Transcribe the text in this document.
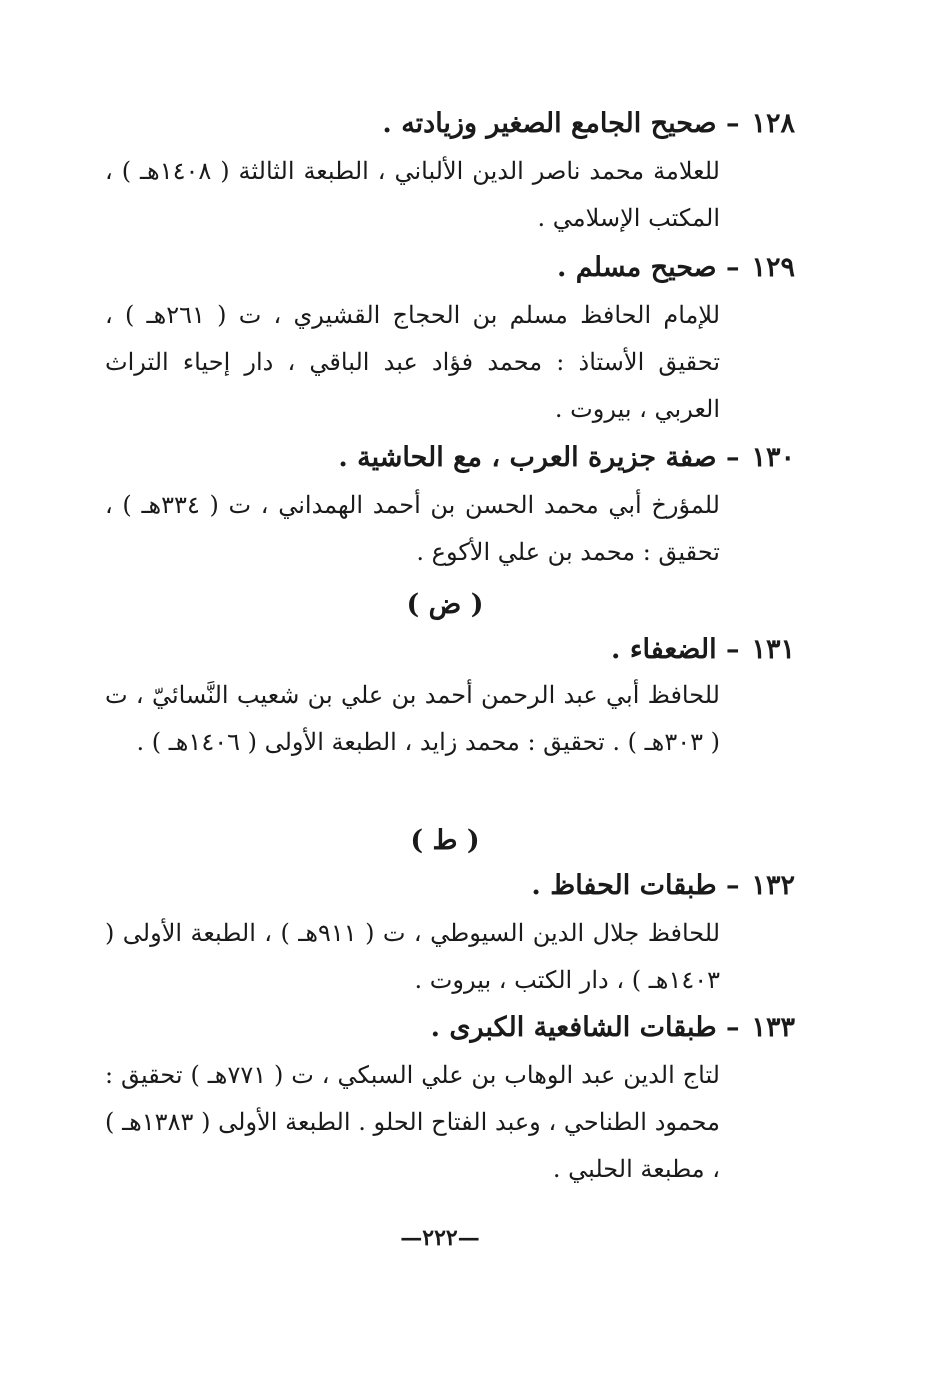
١٢٨– صحيح الجامع الصغير وزيادته .
للعلامة محمد ناصر الدين الألباني ، الطبعة الثالثة ( ١٤٠٨هـ ) ، المكتب الإسلامي .
١٢٩– صحيح مسلم .
للإمام الحافظ مسلم بن الحجاج القشيري ، ت ( ٢٦١هـ ) ، تحقيق الأستاذ : محمد فؤاد عبد الباقي ، دار إحياء التراث العربي ، بيروت .
١٣٠– صفة جزيرة العرب ، مع الحاشية .
للمؤرخ أبي محمد الحسن بن أحمد الهمداني ، ت ( ٣٣٤هـ ) ، تحقيق : محمد بن علي الأكوع .
( ض )
١٣١– الضعفاء .
للحافظ أبي عبد الرحمن أحمد بن علي بن شعيب النَّسائيّ ، ت ( ٣٠٣هـ ) . تحقيق : محمد زايد ، الطبعة الأولى ( ١٤٠٦هـ ) .
( ط )
١٣٢– طبقات الحفاظ .
للحافظ جلال الدين السيوطي ، ت ( ٩١١هـ ) ، الطبعة الأولى ( ١٤٠٣هـ ) ، دار الكتب ، بيروت .
١٣٣– طبقات الشافعية الكبرى .
لتاج الدين عبد الوهاب بن علي السبكي ، ت ( ٧٧١هـ ) تحقيق : محمود الطناحي ، وعبد الفتاح الحلو . الطبعة الأولى ( ١٣٨٣هـ ) ، مطبعة الحلبي .
—٢٢٢—
